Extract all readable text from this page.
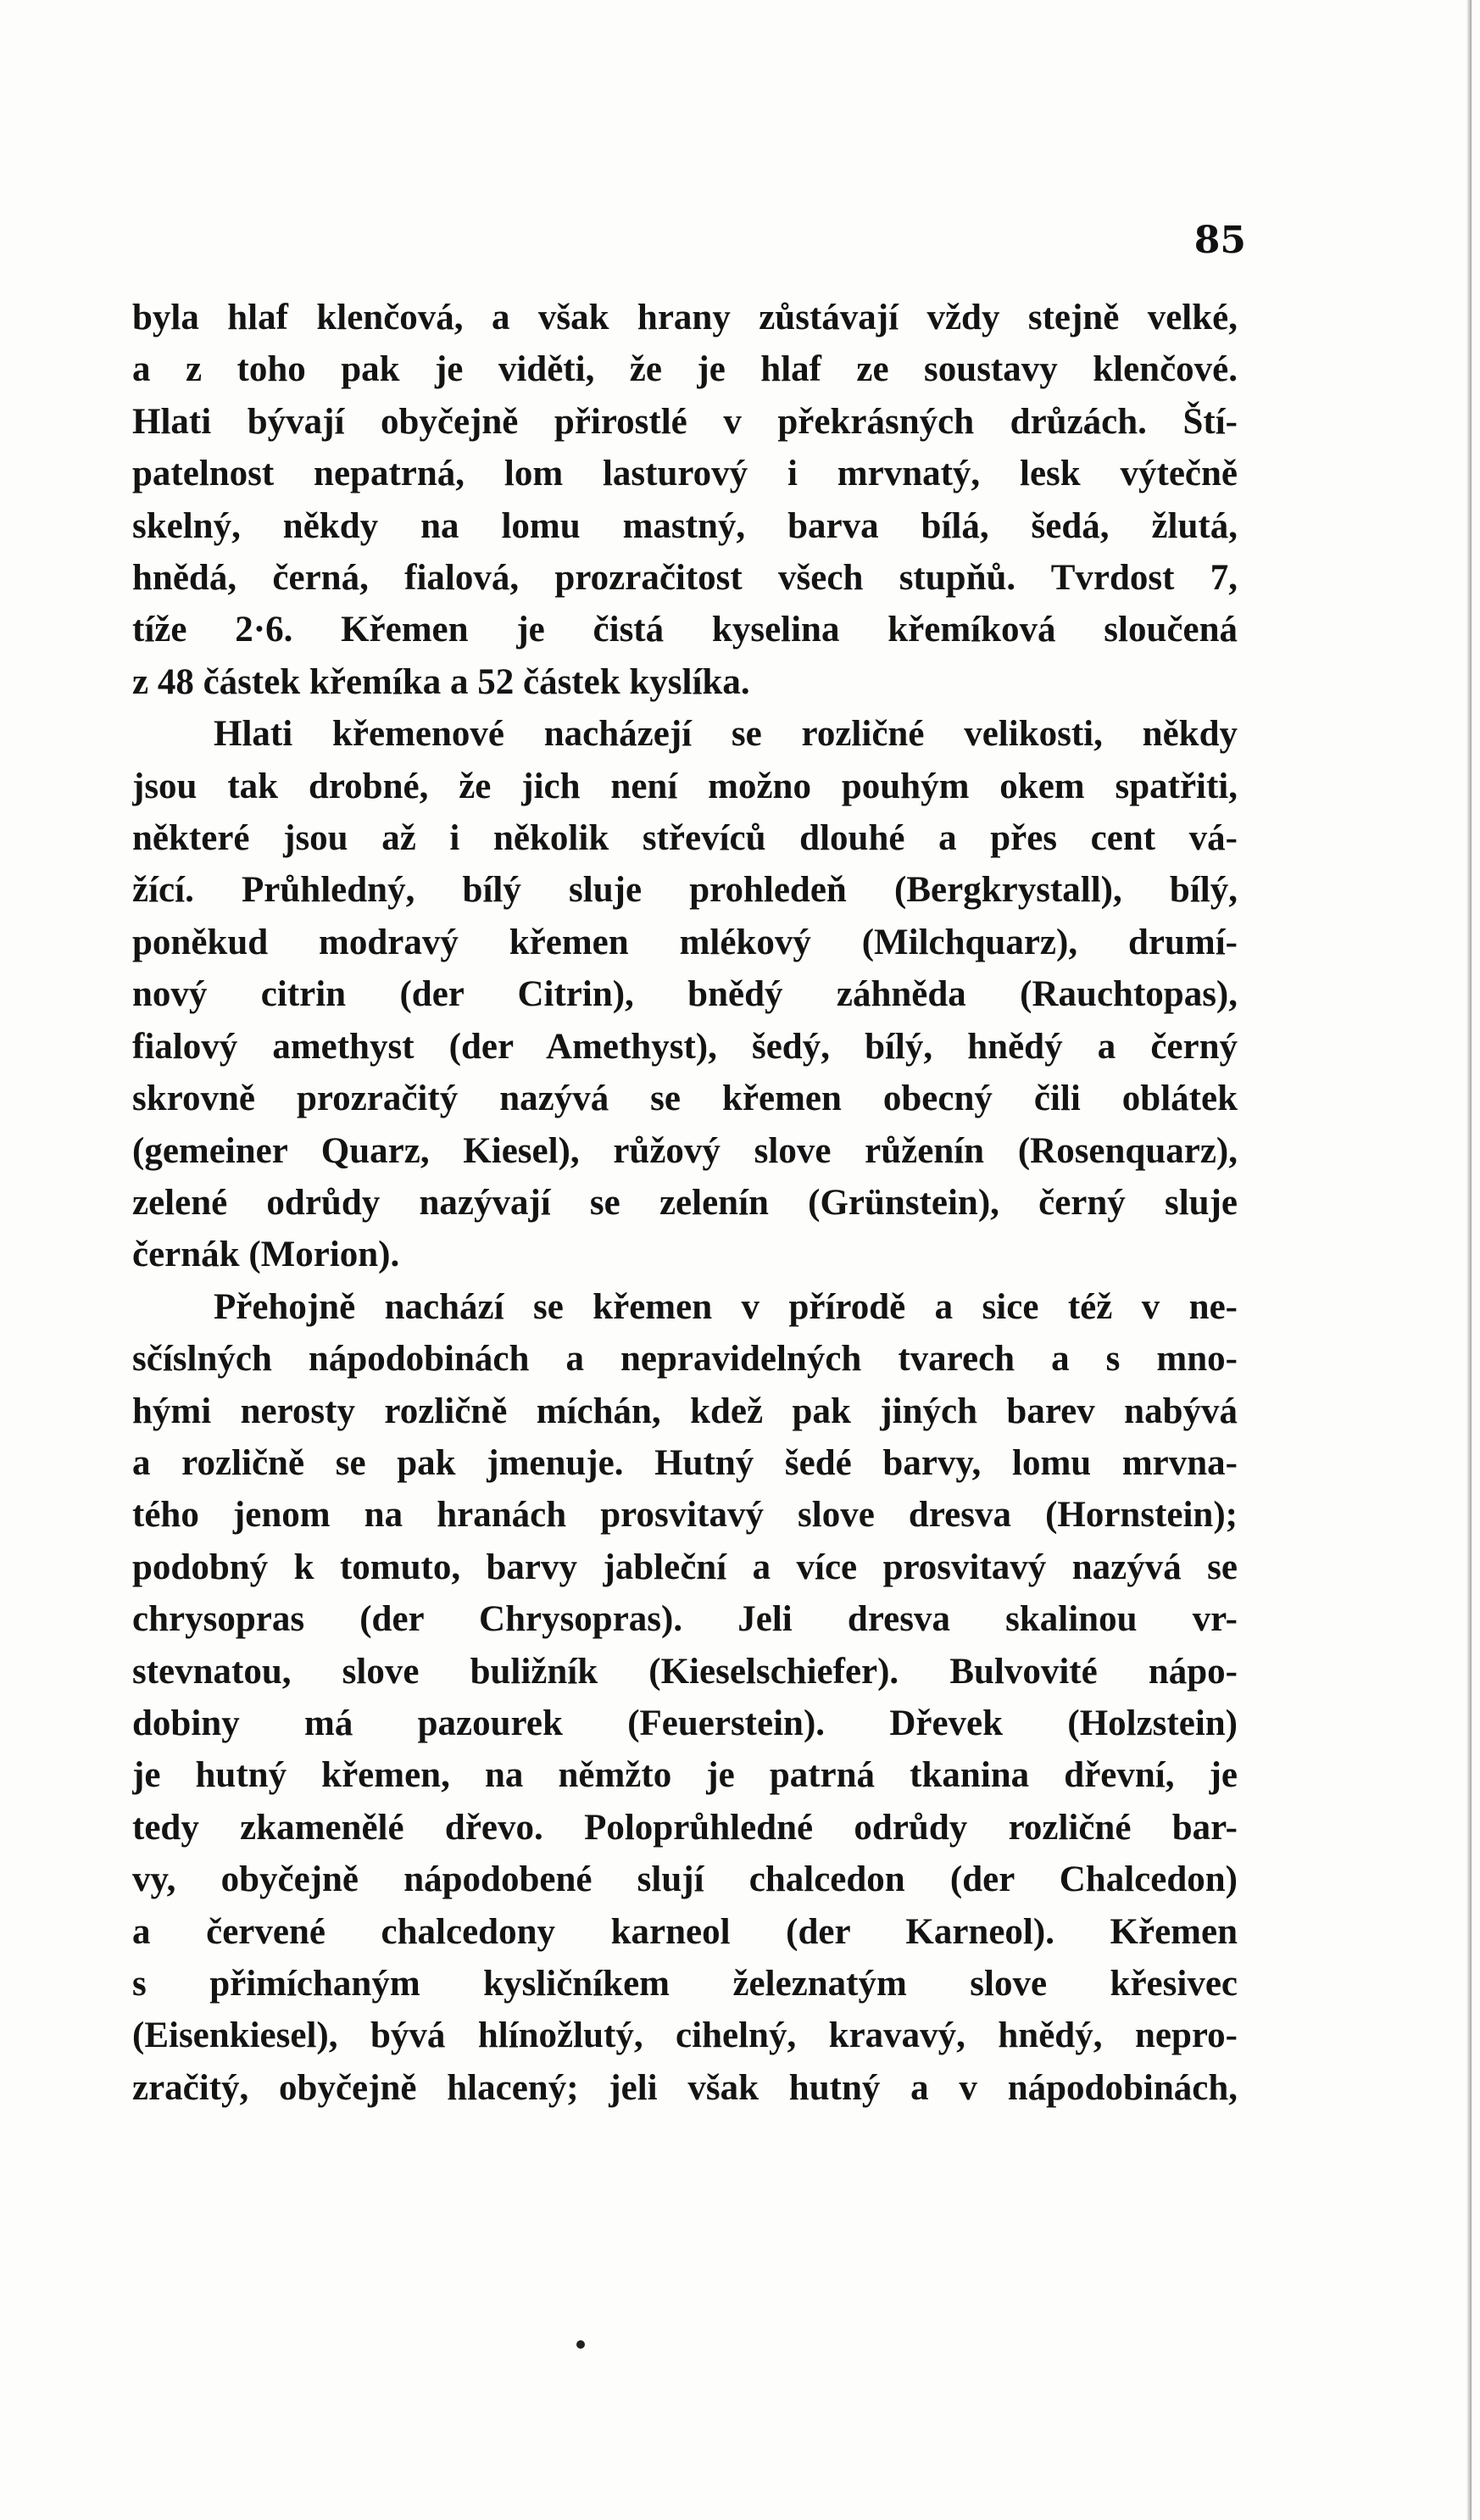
85

byla hlaf klenčová, a však hrany zůstávají vždy stejně velké,
a z toho pak je viděti, že je hlaf ze soustavy klenčové.
Hlati bývají obyčejně přirostlé v překrásných drůzách. Ští-
patelnost nepatrná, lom lasturový i mrvnatý, lesk výtečně
skelný, někdy na lomu mastný, barva bílá, šedá, žlutá,
hnědá, černá, fialová, prozračitost všech stupňů. Tvrdost 7,
tíže 2·6. Křemen je čistá kyselina křemíková sloučená
z 48 částek křemíka a 52 částek kyslíka.

Hlati křemenové nacházejí se rozličné velikosti, někdy
jsou tak drobné, že jich není možno pouhým okem spatřiti,
některé jsou až i několik střevíců dlouhé a přes cent vá-
žící. Průhledný, bílý sluje prohledeň (Bergkrystall), bílý,
poněkud modravý křemen mlékový (Milchquarz), drumí-
nový citrin (der Citrin), bnědý záhněda (Rauchtopas),
fialový amethyst (der Amethyst), šedý, bílý, hnědý a černý
skrovně prozračitý nazývá se křemen obecný čili oblátek
(gemeiner Quarz, Kiesel), růžový slove růženín (Rosenquarz),
zelené odrůdy nazývají se zelenín (Grünstein), černý sluje
černák (Morion).

Přehojně nachází se křemen v přírodě a sice též v ne-
sčíslných nápodobinách a nepravidelných tvarech a s mno-
hými nerosty rozličně míchán, kdež pak jiných barev nabývá
a rozličně se pak jmenuje. Hutný šedé barvy, lomu mrvna-
tého jenom na hranách prosvitavý slove dresva (Hornstein);
podobný k tomuto, barvy jableční a více prosvitavý nazývá se
chrysopras (der Chrysopras). Jeli dresva skalinou vr-
stevnatou, slove buližník (Kieselschiefer). Bulvovité nápo-
dobiny má pazourek (Feuerstein). Dřevek (Holzstein)
je hutný křemen, na němžto je patrná tkanina dřevní, je
tedy zkamenělé dřevo. Poloprůhledné odrůdy rozličné bar-
vy, obyčejně nápodobené slují chalcedon (der Chalcedon)
a červené chalcedony karneol (der Karneol). Křemen
s přimíchaným kysličníkem železnatým slove křesivec
(Eisenkiesel), bývá hlínožlutý, cihelný, kravavý, hnědý, nepro-
zračitý, obyčejně hlacený; jeli však hutný a v nápodobinách,
